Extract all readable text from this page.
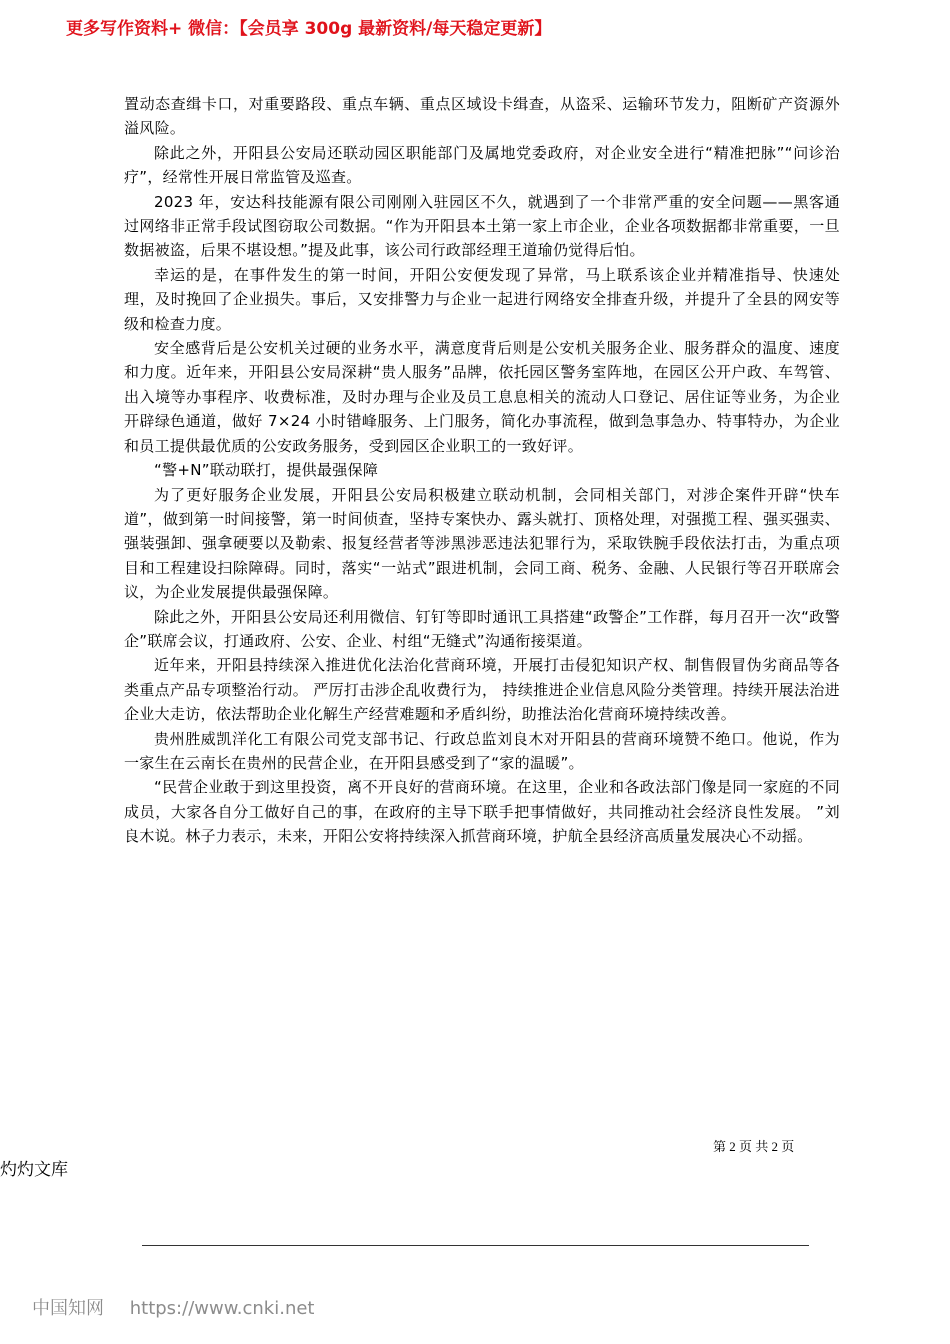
更多写作资料+ 微信：【会员享 300g 最新资料/每天稳定更新】

置动态查缉卡口，对重要路段、重点车辆、重点区域设卡缉查，从盗采、运输环节发力，阻断矿产资源外溢风险。

除此之外，开阳县公安局还联动园区职能部门及属地党委政府，对企业安全进行“精准把脉”“问诊治疗”，经常性开展日常监管及巡查。

2023 年，安达科技能源有限公司刚刚入驻园区不久，就遇到了一个非常严重的安全问题——黑客通过网络非正常手段试图窃取公司数据。“作为开阳县本土第一家上市企业，企业各项数据都非常重要，一旦数据被盗，后果不堪设想。”提及此事，该公司行政部经理王道瑜仍觉得后怕。

幸运的是，在事件发生的第一时间，开阳公安便发现了异常，马上联系该企业并精准指导、快速处理，及时挽回了企业损失。事后，又安排警力与企业一起进行网络安全排查升级，并提升了全县的网安等级和检查力度。

安全感背后是公安机关过硬的业务水平，满意度背后则是公安机关服务企业、服务群众的温度、速度和力度。近年来，开阳县公安局深耕“贵人服务”品牌，依托园区警务室阵地，在园区公开户政、车驾管、出入境等办事程序、收费标准，及时办理与企业及员工息息相关的流动人口登记、居住证等业务，为企业开辟绿色通道，做好 7×24 小时错峰服务、上门服务，简化办事流程，做到急事急办、特事特办，为企业和员工提供最优质的公安政务服务，受到园区企业职工的一致好评。

“警+N”联动联打，提供最强保障

为了更好服务企业发展，开阳县公安局积极建立联动机制，会同相关部门，对涉企案件开辟“快车道”，做到第一时间接警，第一时间侦查，坚持专案快办、露头就打、顶格处理，对强揽工程、强买强卖、强装强卸、强拿硬要以及勒索、报复经营者等涉黑涉恶违法犯罪行为，采取铁腕手段依法打击，为重点项目和工程建设扫除障碍。同时，落实“一站式”跟进机制，会同工商、税务、金融、人民银行等召开联席会议，为企业发展提供最强保障。

除此之外，开阳县公安局还利用微信、钉钉等即时通讯工具搭建“政警企”工作群，每月召开一次“政警企”联席会议，打通政府、公安、企业、村组“无缝式”沟通衔接渠道。

近年来，开阳县持续深入推进优化法治化营商环境，开展打击侵犯知识产权、制售假冒伪劣商品等各类重点产品专项整治行动。 严厉打击涉企乱收费行为， 持续推进企业信息风险分类管理。持续开展法治进企业大走访，依法帮助企业化解生产经营难题和矛盾纠纷，助推法治化营商环境持续改善。

贵州胜威凯洋化工有限公司党支部书记、行政总监刘良木对开阳县的营商环境赞不绝口。他说，作为一家生在云南长在贵州的民营企业，在开阳县感受到了“家的温暖”。

“民营企业敢于到这里投资，离不开良好的营商环境。在这里，企业和各政法部门像是同一家庭的不同成员，大家各自分工做好自己的事，在政府的主导下联手把事情做好，共同推动社会经济良性发展。 ”刘良木说。林子力表示，未来，开阳公安将持续深入抓营商环境，护航全县经济高质量发展决心不动摇。

第 2 页 共 2 页
灼灼文库
中国知网 https://www.cnki.net
